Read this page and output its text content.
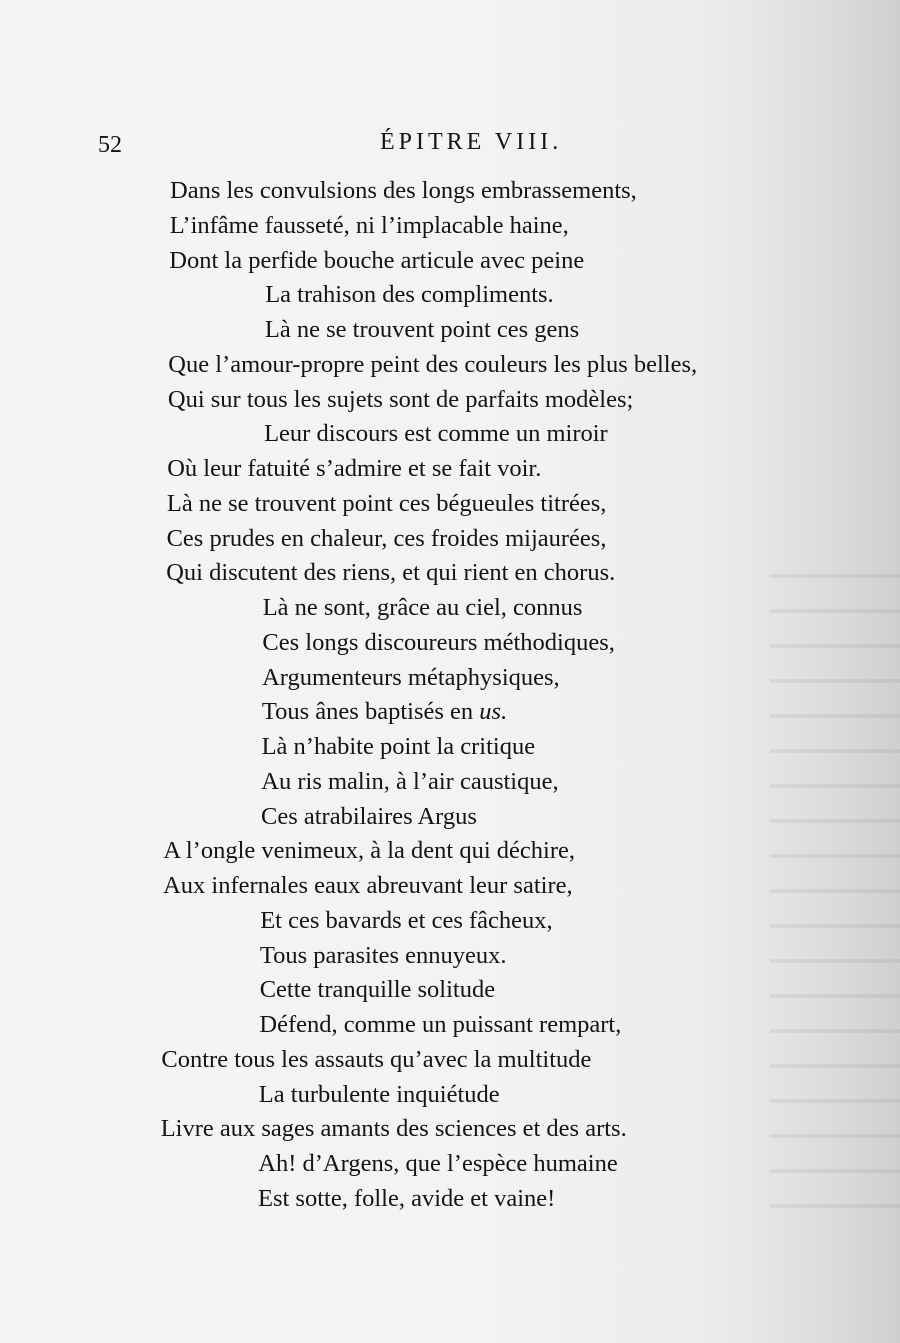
52	ÉPITRE VIII.
Dans les convulsions des longs embrassements,
L’infâme fausseté, ni l’implacable haine,
Dont la perfide bouche articule avec peine
La trahison des compliments.
Là ne se trouvent point ces gens
Que l’amour-propre peint des couleurs les plus belles,
Qui sur tous les sujets sont de parfaits modèles;
Leur discours est comme un miroir
Où leur fatuité s’admire et se fait voir.
Là ne se trouvent point ces bégueules titrées,
Ces prudes en chaleur, ces froides mijaurées,
Qui discutent des riens, et qui rient en chorus.
Là ne sont, grâce au ciel, connus
Ces longs discoureurs méthodiques,
Argumenteurs métaphysiques,
Tous ânes baptisés en us.
Là n’habite point la critique
Au ris malin, à l’air caustique,
Ces atrabilaires Argus
A l’ongle venimeux, à la dent qui déchire,
Aux infernales eaux abreuvant leur satire,
Et ces bavards et ces fâcheux,
Tous parasites ennuyeux.
Cette tranquille solitude
Défend, comme un puissant rempart,
Contre tous les assauts qu’avec la multitude
La turbulente inquiétude
Livre aux sages amants des sciences et des arts.
Ah! d’Argens, que l’espèce humaine
Est sotte, folle, avide et vaine!
